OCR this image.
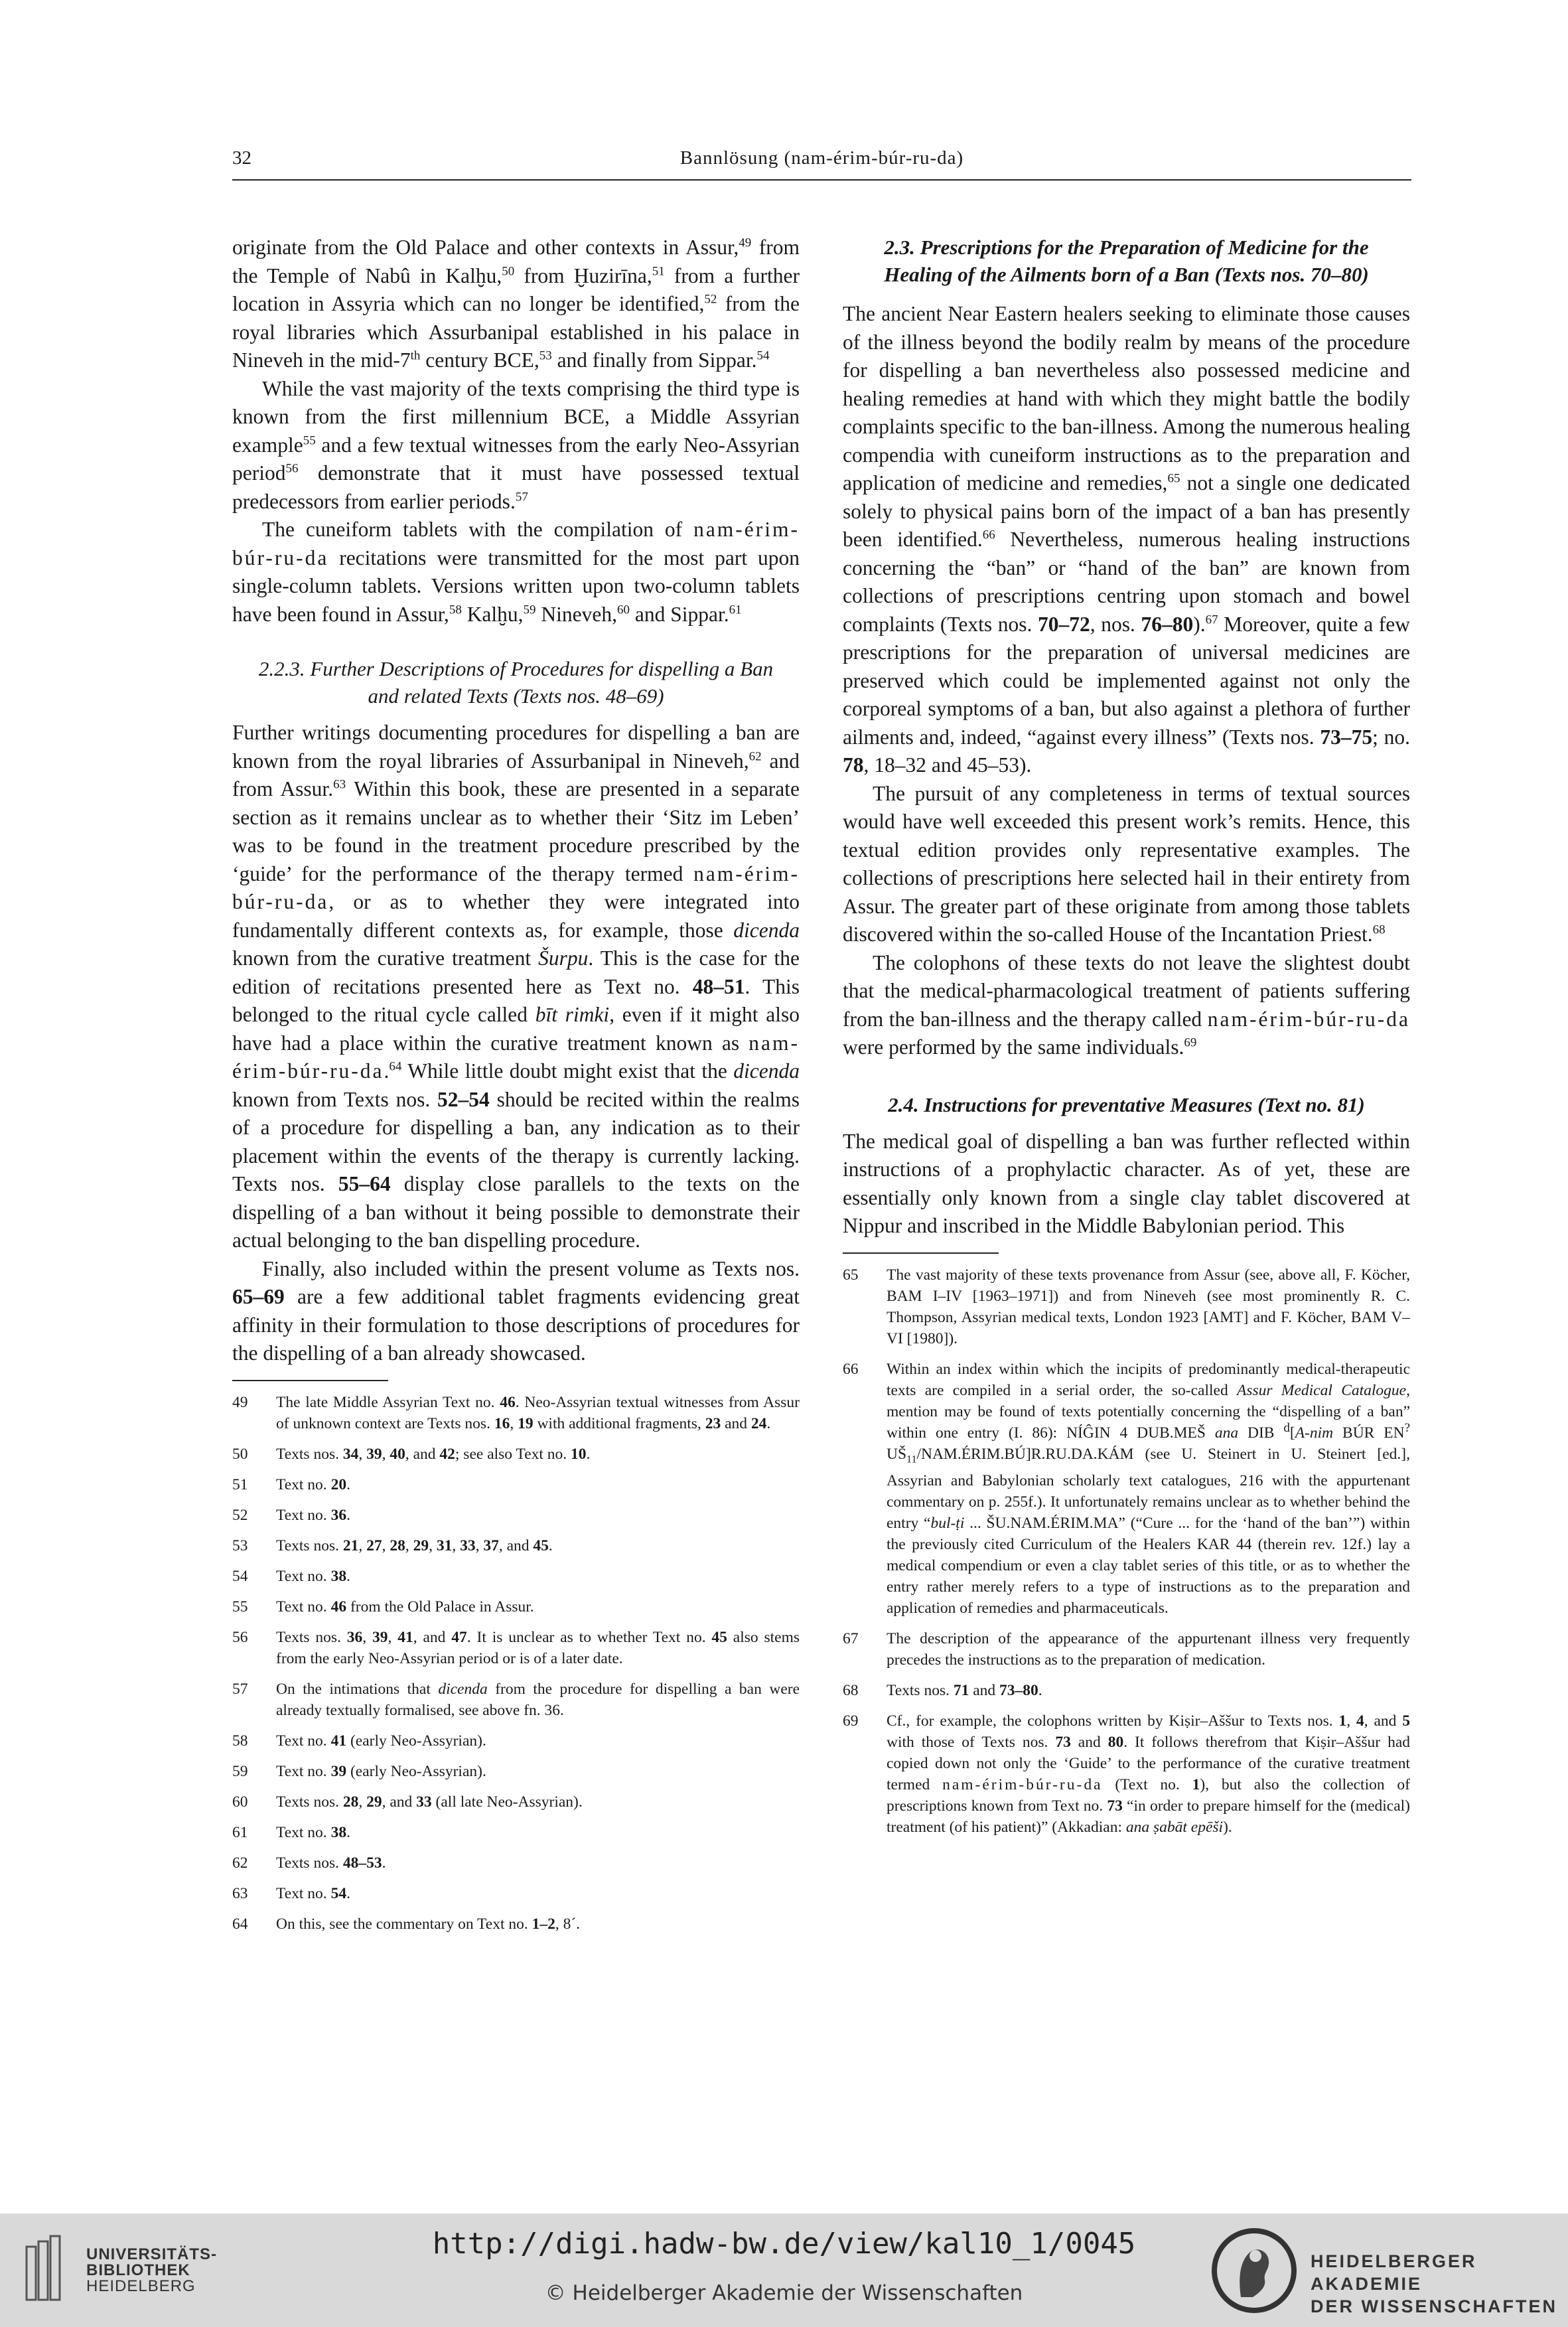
32	Bannlösung (nam-érim-búr-ru-da)

originate from the Old Palace and other contexts in Assur,$^{49}$ from the Temple of Nabû in Kalḫu,$^{50}$ from Ḫuzirīna,$^{51}$ from a further location in Assyria which can no longer be identified,$^{52}$ from the royal libraries which Assurbanipal established in his palace in Nineveh in the mid-7th century BCE,$^{53}$ and finally from Sippar.$^{54}$

While the vast majority of the texts comprising the third type is known from the first millennium BCE, a Middle Assyrian example$^{55}$ and a few textual witnesses from the early Neo-Assyrian period$^{56}$ demonstrate that it must have possessed textual predecessors from earlier periods.$^{57}$

The cuneiform tablets with the compilation of nam-érim-búr-ru-da recitations were transmitted for the most part upon single-column tablets. Versions written upon two-column tablets have been found in Assur,$^{58}$ Kalḫu,$^{59}$ Nineveh,$^{60}$ and Sippar.$^{61}$

2.2.3. Further Descriptions of Procedures for dispelling a Ban and related Texts (Texts nos. 48–69)

Further writings documenting procedures for dispelling a ban are known from the royal libraries of Assurbanipal in Nineveh,$^{62}$ and from Assur.$^{63}$ Within this book, these are presented in a separate section as it remains unclear as to whether their ‘Sitz im Leben’ was to be found in the treatment procedure prescribed by the ‘guide’ for the performance of the therapy termed nam-érim-búr-ru-da, or as to whether they were integrated into fundamentally different contexts as, for example, those dicenda known from the curative treatment Šurpu. This is the case for the edition of recitations presented here as Text no. 48–51. This belonged to the ritual cycle called bīt rimki, even if it might also have had a place within the curative treatment known as nam-érim-búr-ru-da.$^{64}$ While little doubt might exist that the dicenda known from Texts nos. 52–54 should be recited within the realms of a procedure for dispelling a ban, any indication as to their placement within the events of the therapy is currently lacking. Texts nos. 55–64 display close parallels to the texts on the dispelling of a ban without it being possible to demonstrate their actual belonging to the ban dispelling procedure.

Finally, also included within the present volume as Texts nos. 65–69 are a few additional tablet fragments evidencing great affinity in their formulation to those descriptions of procedures for the dispelling of a ban already showcased.

49	The late Middle Assyrian Text no. 46. Neo-Assyrian textual witnesses from Assur of unknown context are Texts nos. 16, 19 with additional fragments, 23 and 24.
50	Texts nos. 34, 39, 40, and 42; see also Text no. 10.
51	Text no. 20.
52	Text no. 36.
53	Texts nos. 21, 27, 28, 29, 31, 33, 37, and 45.
54	Text no. 38.
55	Text no. 46 from the Old Palace in Assur.
56	Texts nos. 36, 39, 41, and 47. It is unclear as to whether Text no. 45 also stems from the early Neo-Assyrian period or is of a later date.
57	On the intimations that dicenda from the procedure for dispelling a ban were already textually formalised, see above fn. 36.
58	Text no. 41 (early Neo-Assyrian).
59	Text no. 39 (early Neo-Assyrian).
60	Texts nos. 28, 29, and 33 (all late Neo-Assyrian).
61	Text no. 38.
62	Texts nos. 48–53.
63	Text no. 54.
64	On this, see the commentary on Text no. 1–2, 8´.
2.3. Prescriptions for the Preparation of Medicine for the Healing of the Ailments born of a Ban (Texts nos. 70–80)

The ancient Near Eastern healers seeking to eliminate those causes of the illness beyond the bodily realm by means of the procedure for dispelling a ban nevertheless also possessed medicine and healing remedies at hand with which they might battle the bodily complaints specific to the ban-illness. Among the numerous healing compendia with cuneiform instructions as to the preparation and application of medicine and remedies,$^{65}$ not a single one dedicated solely to physical pains born of the impact of a ban has presently been identified.$^{66}$ Nevertheless, numerous healing instructions concerning the “ban” or “hand of the ban” are known from collections of prescriptions centring upon stomach and bowel complaints (Texts nos. 70–72, nos. 76–80).$^{67}$ Moreover, quite a few prescriptions for the preparation of universal medicines are preserved which could be implemented against not only the corporeal symptoms of a ban, but also against a plethora of further ailments and, indeed, “against every illness” (Texts nos. 73–75; no. 78, 18–32 and 45–53).

The pursuit of any completeness in terms of textual sources would have well exceeded this present work’s remits. Hence, this textual edition provides only representative examples. The collections of prescriptions here selected hail in their entirety from Assur. The greater part of these originate from among those tablets discovered within the so-called House of the Incantation Priest.$^{68}$

The colophons of these texts do not leave the slightest doubt that the medical-pharmacological treatment of patients suffering from the ban-illness and the therapy called nam-érim-búr-ru-da were performed by the same individuals.$^{69}$

2.4. Instructions for preventative Measures (Text no. 81)

The medical goal of dispelling a ban was further reflected within instructions of a prophylactic character. As of yet, these are essentially only known from a single clay tablet discovered at Nippur and inscribed in the Middle Babylonian period. This

65	The vast majority of these texts provenance from Assur (see, above all, F. Köcher, BAM I–IV [1963–1971]) and from Nineveh (see most prominently R. C. Thompson, Assyrian medical texts, London 1923 [AMT] and F. Köcher, BAM V–VI [1980]).
66	Within an index within which the incipits of predominantly medical-therapeutic texts are compiled in a serial order, the so-called Assur Medical Catalogue, mention may be found of texts potentially concerning the “dispelling of a ban” within one entry (I. 86): NÍĜIN 4 DUB.MEŠ ana DIB $^d$[A-nim BÚR EN? $UŠ_{11}/NAM.ÉRIM.BÚ]R.RU.DA.KÁM$ (see U. Steinert in U. Steinert [ed.], Assyrian and Babylonian scholarly text catalogues, 216 with the appurtenant commentary on p. 255f.). It unfortunately remains unclear as to whether behind the entry “bul-ṭi ... ŠU.NAM.ÉRIM.MA” (“Cure ... for the ‘hand of the ban’”) within the previously cited Curriculum of the Healers KAR 44 (therein rev. 12f.) lay a medical compendium or even a clay tablet series of this title, or as to whether the entry rather merely refers to a type of instructions as to the preparation and application of remedies and pharmaceuticals.
67	The description of the appearance of the appurtenant illness very frequently precedes the instructions as to the preparation of medication.
68	Texts nos. 71 and 73–80.
69	Cf., for example, the colophons written by Kiṣir–Aššur to Texts nos. 1, 4, and 5 with those of Texts nos. 73 and 80. It follows therefrom that Kiṣir–Aššur had copied down not only the ‘Guide’ to the performance of the curative treatment termed nam-érim-búr-ru-da (Text no. 1), but also the collection of prescriptions known from Text no. 73 “in order to prepare himself for the (medical) treatment (of his patient)” (Akkadian: ana ṣabāt epēši).
UNIVERSITÄTS-
BIBLIOTHEK
HEIDELBERG
http://digi.hadw-bw.de/view/kal10_1/0045
© Heidelberger Akademie der Wissenschaften
HEIDELBERGER AKADEMIE
DER WISSENSCHAFTEN
